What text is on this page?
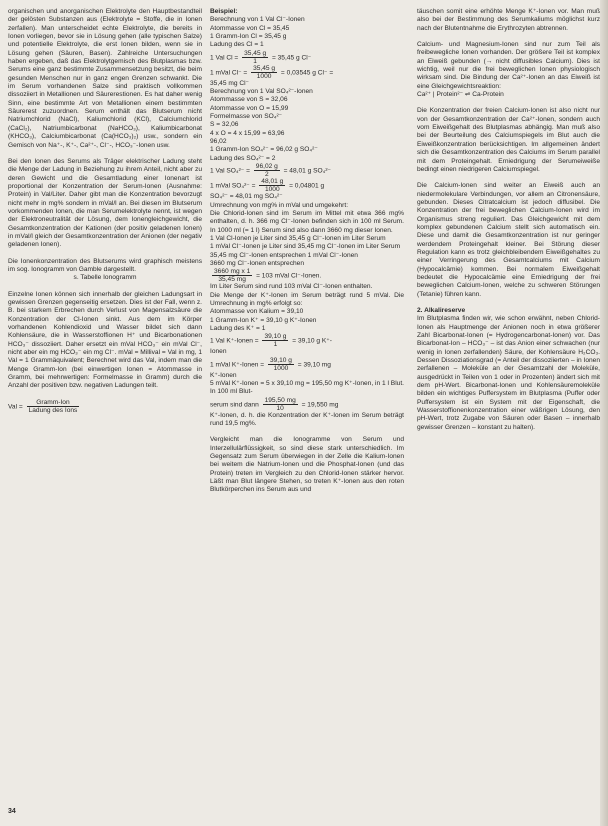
organischen und anorganischen Elektrolyte den Hauptbestandteil der gelösten Substanzen aus (Elektrolyte = Stoffe, die in Ionen zerfallen). Man unterscheidet echte Elektrolyte, die bereits in Ionen vorliegen, bevor sie in Lösung gehen (alle typischen Salze) und potentielle Elektrolyte, die erst Ionen bilden, wenn sie in Lösung gehen (Säuren, Basen). Zahlreiche Untersuchungen haben ergeben, daß das Elektrolytgemisch des Blutplasmas bzw. Serums eine ganz bestimmte Zusammensetzung besitzt, die beim gesunden Menschen nur in ganz engen Grenzen schwankt. Die im Serum vorhandenen Salze sind praktisch vollkommen dissoziiert in Metallionen und Säurerestionen. Es hat daher wenig Sinn, eine bestimmte Art von Metallionen einem bestimmten Säurerest zuzuordnen. Serum enthält das Blutserum nicht Natriumchlorid (NaCl), Kaliumchlorid (KCl), Calciumchlorid (CaCl₂), Natriumbicarbonat (NaHCO₃), Kaliumbicarbonat (KHCO₃), Calciumbicarbonat (Ca(HCO₃)₂) usw., sondern ein Gemisch von Na⁺-, K⁺-, Ca²⁺-, Cl⁻-, HCO₃⁻-Ionen usw.

Bei den Ionen des Serums als Träger elektrischer Ladung steht die Menge der Ladung in Beziehung zu ihrem Anteil, nicht aber zu deren Gewicht und die Gesamtladung einer Ionenart ist proportional der Konzentration der Serum-Ionen (Ausnahme: Protein) in Val/Liter. Daher gibt man die Konzentration bevorzugt nicht mehr in mg% sondern in mVal/l an. Bei diesen im Blutserum vorkommenden Ionen, die man Serumelektrolyte nennt, ist wegen der Elektroneutralität der Lösung, dem Ionengleichgewicht, die Gesamtkonzentration der Kationen (der positiv geladenen Ionen) in mVal/l gleich der Gesamtkonzentration der Anionen (der negativ geladenen Ionen).

Die Ionenkonzentration des Blutserums wird graphisch meistens im sog. Ionogramm von Gamble dargestellt.

s. Tabelle Ionogramm

Einzelne Ionen können sich innerhalb der gleichen Ladungsart in gewissen Grenzen gegenseitig ersetzen. Dies ist der Fall, wenn z. B. bei starkem Erbrechen durch Verlust von Magensalzsäure die Konzentration der Cl-Ionen sinkt. Aus dem im Körper vorhandenen Kohlendioxid und Wasser bildet sich dann Kohlensäure, die in Wasserstoffionen H⁺ und Bicarbonationen HCO₃⁻ dissoziiert. Daher ersetzt ein mVal HCO₃⁻ ein mVal Cl⁻, nicht aber ein mg HCO₃⁻ ein mg Cl⁻. mVal = Millival = Val in mg, 1 Val = 1 Grammäquivalent; Berechnet wird das Val, indem man die Menge Gramm-Ion (bei einwertigen Ionen = Atommasse in Gramm, bei mehrwertigen: Formelmasse in Gramm) durch die Anzahl der positiven bzw. negativen Ladungen teilt.

Val = $\frac{\text{Gramm-Ion}}{\text{Ladung des Ions}}$

Beispiel:

Berechnung von 1 Val Cl⁻-Ionen

Atommasse von Cl = 35,45

1 Gramm-Ion Cl = 35,45 g

Ladung des Cl = 1

1 Val $Cl = \frac{35,45 g}{1} = 35,45$ g Cl⁻

1 mVal $Cl^- = \frac{35,45 g}{1000} = 0,03545$ g Cl⁻ =

35,45 mg Cl⁻

Berechnung von 1 Val SO₄²⁻-Ionen

Atommasse von S = 32,06

Atommasse von O = 15,99

Formelmasse von SO₄²⁻

S = 32,06

4 x O = 4 x 15,99 = 63,96

96,02

1 Gramm-Ion SO₄²⁻ = 96,02 g SO₄²⁻

Ladung des SO₄²⁻ = 2

1 Val $SO_4^{2-} = \frac{96,02 g}{2} = 48,01$ g SO₄²⁻

1 mVal $SO_4^{2-} = \frac{48,01 g}{1000} = 0,04801$ g

SO₄²⁻ = 48,01 mg SO₄²⁻

Umrechnung von mg% in mVal und umgekehrt:

Die Chlorid-Ionen sind im Serum im Mittel mit etwa 366 mg% enthalten, d. h. 366 mg Cl⁻-Ionen befinden sich in 100 ml Serum. In 1000 ml (= 1 l) Serum sind also dann 3660 mg dieser Ionen.

1 Val Cl-Ionen je Liter sind 35,45 g Cl⁻-Ionen im Liter Serum

1 mVal Cl⁻-Ionen je Liter sind 35,45 mg Cl⁻-Ionen im Liter Serum

35,45 mg Cl⁻-Ionen entsprechen 1 mVal Cl⁻-Ionen

3660 mg Cl⁻-Ionen entsprechen

$\frac{\text{3660 mg x 1}}{35,45 mg} = 103$ mVal Cl⁻-Ionen.

Im Liter Serum sind rund 103 mVal Cl⁻-Ionen enthalten.

Die Menge der K⁺-Ionen im Serum beträgt rund 5 mVal. Die Umrechnung in mg% erfolgt so:

Atommasse von Kalium = 39,10

1 Gramm-Ion K⁺ = 39,10 g K⁺-Ionen

Ladung des K⁺ = 1

1 Val K⁺-Ionen = $\frac{39,10 g}{1} = 39,10$ g K⁺-

Ionen

1 mVal K⁺-Ionen = $\frac{39,10 g}{1000} = 39,10$ mg

K⁺-Ionen

5 mVal K⁺-Ionen = 5 x 39,10 mg = 195,50 mg K⁺-Ionen, in 1 l Blut. In 100 ml Blut-

serum sind dann $\frac{195,50 mg}{10} = 19,550$ mg

K⁺-Ionen, d. h. die Konzentration der K⁺-Ionen im Serum beträgt rund 19,5 mg%.

Vergleicht man die Ionogramme von Serum und Interzellulärflüssigkeit, so sind diese stark unterschiedlich. Im Gegensatz zum Serum überwiegen in der Zelle die Kalium-Ionen bei weitem die Natrium-Ionen und die Phosphat-Ionen (und das Protein) treten im Vergleich zu den Chlorid-Ionen stärker hervor. Läßt man Blut längere Stehen, so treten K⁺-Ionen aus den roten Blutkörperchen ins Serum aus und

täuschen somit eine erhöhte Menge K⁺-Ionen vor. Man muß also bei der Bestimmung des Serumkaliums möglichst kurz nach der Blutentnahme die Erythrozyten abtrennen.

Calcium- und Magnesium-Ionen sind nur zum Teil als freibewegliche Ionen vorhanden. Der größere Teil ist komplex an Eiweiß gebunden (→ nicht diffusibles Calcium). Dies ist wichtig, weil nur die frei beweglichen Ionen physiologisch wirksam sind. Die Bindung der Ca²⁺-Ionen an das Eiweiß ist eine Gleichgewichtsreaktion:

Ca²⁺ | Protein²⁻ ⇌ Ca-Protein

Die Konzentration der freien Calcium-Ionen ist also nicht nur von der Gesamtkonzentration der Ca²⁺-Ionen, sondern auch vom Eiweißgehalt des Blutplasmas abhängig. Man muß also bei der Beurteilung des Calciumspiegels im Blut auch die Eiweißkonzentration berücksichtigen. Im allgemeinen ändert sich die Gesamtkonzentration des Calciums im Serum parallel mit dem Proteingehalt. Erniedrigung der Serumeiweiße bedingt einen niedrigeren Calciumspiegel.

Die Calcium-Ionen sind weiter an Eiweiß auch an niedermolekulare Verbindungen, vor allem an Citronensäure, gebunden. Dieses Citratcalcium ist jedoch diffusibel. Die Konzentration der frei beweglichen Calcium-Ionen wird im Organismus streng reguliert. Das Gleichgewicht mit dem komplex gebundenen Calcium stellt sich automatisch ein. Diese und damit die Gesamtkonzentration ist nur geringer werdendem Proteingehalt kleiner. Bei Störung dieser Regulation kann es trotz gleichbleibendem Eiweißgehaltes zu einer Verringerung des Gesamtcalciums mit Calcium (Hypocalcämie) kommen. Bei normalem Eiweißgehalt bedeutet die Hypocalcämie eine Erniedrigung der frei beweglichen Calcium-Ionen, welche zu schweren Störungen (Tetanie) führen kann.

2. Alkalireserve

Im Blutplasma finden wir, wie schon erwähnt, neben Chlorid-Ionen als Hauptmenge der Anionen noch in etwa größerer Zahl Bicarbonat-Ionen (= Hydrogencarbonat-Ionen) vor. Das Bicarbonat-Ion – HCO₃⁻ – ist das Anion einer schwachen (nur wenig in Ionen zerfallenden) Säure, der Kohlensäure H₂CO₃. Dessen Dissoziationsgrad (= Anteil der dissoziierten – in Ionen zerfallenen – Moleküle an der Gesamtzahl der Moleküle, ausgedrückt in Teilen von 1 oder in Prozenten) ändert sich mit dem pH-Wert. Bicarbonat-Ionen und Kohlensäuremoleküle bilden ein wichtiges Puffersystem im Blutplasma (Puffer oder Puffersystem ist ein System mit der Eigenschaft, die Wasserstoffionenkonzentration einer wäßrigen Lösung, den pH-Wert, trotz Zugabe von Säuren oder Basen – innerhalb gewisser Grenzen – konstant zu halten).

34
